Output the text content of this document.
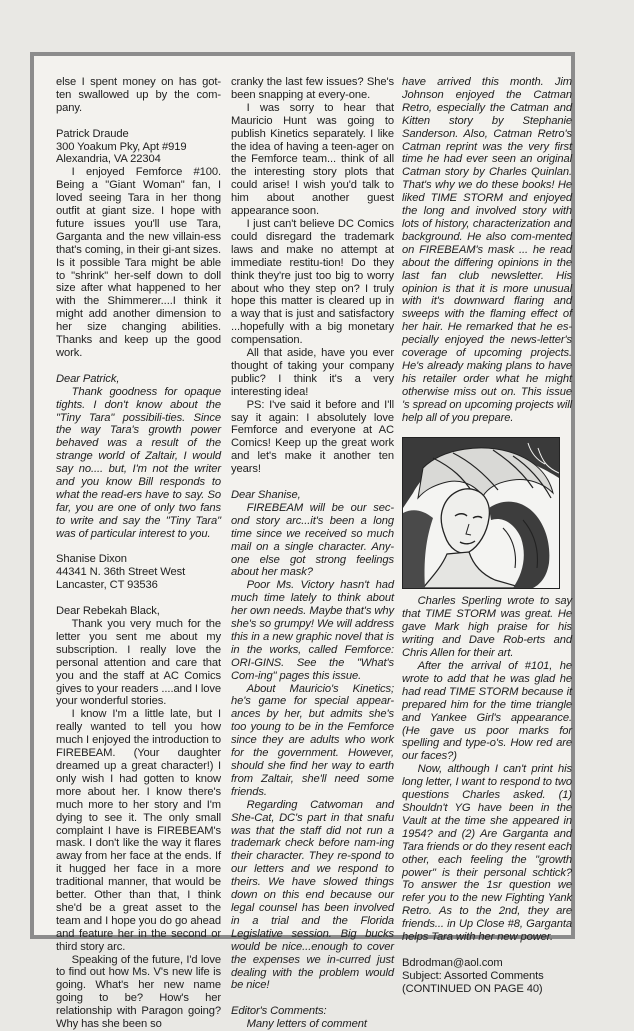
else I spent money on has got-ten swallowed up by the com-pany.

Patrick Draude

300 Yoakum Pky, Apt #919

Alexandria, VA 22304

I enjoyed Femforce #100. Being a "Giant Woman" fan, I loved seeing Tara in her thong outfit at giant size. I hope with future issues you'll use Tara, Garganta and the new villain-ess that's coming, in their gi-ant sizes. Is it possible Tara might be able to "shrink" her-self down to doll size after what happened to her with the Shimmerer....I think it might add another dimension to her size changing abilities. Thanks and keep up the good work.

Dear Patrick,

Thank goodness for opaque tights. I don't know about the "Tiny Tara" possibili-ties. Since the way Tara's growth power behaved was a result of the strange world of Zaltair, I would say no.... but, I'm not the writer and you know Bill responds to what the read-ers have to say. So far, you are one of only two fans to write and say the "Tiny Tara" was of particular interest to you.

Shanise Dixon

44341 N. 36th Street West

Lancaster, CT 93536

Dear Rebekah Black,

Thank you very much for the letter you sent me about my subscription. I really love the personal attention and care that you and the staff at AC Comics gives to your readers ....and I love your wonderful stories.

I know I'm a little late, but I really wanted to tell you how much I enjoyed the introduction to FIREBEAM. (Your daughter dreamed up a great character!) I only wish I had gotten to know more about her. I know there's much more to her story and I'm dying to see it. The only small complaint I have is FIREBEAM's mask. I don't like the way it flares away from her face at the ends. If it hugged her face in a more traditional manner, that would be better. Other than that, I think she'd be a great asset to the team and I hope you do go ahead and feature her in the second or third story arc.

Speaking of the future, I'd love to find out how Ms. V's new life is going. What's her new name going to be? How's her relationship with Paragon going? Why has she been so

cranky the last few issues? She's been snapping at every-one.

I was sorry to hear that Mauricio Hunt was going to publish Kinetics separately. I like the idea of having a teen-ager on the Femforce team... think of all the interesting story plots that could arise! I wish you'd talk to him about another guest appearance soon.

I just can't believe DC Comics could disregard the trademark laws and make no attempt at immediate restitu-tion! Do they think they're just too big to worry about who they step on? I truly hope this matter is cleared up in a way that is just and satisfactory ...hopefully with a big monetary compensation.

All that aside, have you ever thought of taking your company public? I think it's a very interesting idea!

PS: I've said it before and I'll say it again: I absolutely love Femforce and everyone at AC Comics! Keep up the great work and let's make it another ten years!

Dear Shanise,

FIREBEAM will be our sec-ond story arc...it's been a long time since we received so much mail on a single character. Any-one else got strong feelings about her mask?

Poor Ms. Victory hasn't had much time lately to think about her own needs. Maybe that's why she's so grumpy! We will address this in a new graphic novel that is in the works, called Femforce: ORI-GINS. See the "What's Com-ing" pages this issue.

About Mauricio's Kinetics; he's game for special appear-ances by her, but admits she's too young to be in the Femforce since they are adults who work for the government. However, should she find her way to earth from Zaltair, she'll need some friends.

Regarding Catwoman and She-Cat, DC's part in that snafu was that the staff did not run a trademark check before nam-ing their character. They re-spond to our letters and we respond to theirs. We have slowed things down on this end because our legal counsel has been involved in a trial and the Florida Legislative session. Big bucks would be nice...enough to cover the expenses we in-curred just dealing with the problem would be nice!

Editor's Comments:

Many letters of comment

have arrived this month. Jim Johnson enjoyed the Catman Retro, especially the Catman and Kitten story by Stephanie Sanderson. Also, Catman Retro's Catman reprint was the very first time he had ever seen an original Catman story by Charles Quinlan. That's why we do these books! He liked TIME STORM and enjoyed the long and involved story with lots of history, characterization and background. He also com-mented on FIREBEAM's mask ... he read about the differing opinions in the last fan club newsletter. His opinion is that it is more unusual with it's downward flaring and sweeps with the flaming effect of her hair. He remarked that he es-pecially enjoyed the news-letter's coverage of upcoming projects. He's already making plans to have his retailer order what he might otherwise miss out on. This issue 's spread on upcoming projects will help all of you prepare.

Charles Sperling wrote to say that TIME STORM was great. He gave Mark high praise for his writing and Dave Rob-erts and Chris Allen for their art.

After the arrival of #101, he wrote to add that he was glad he had read TIME STORM because it prepared him for the time triangle and Yankee Girl's appearance. (He gave us poor marks for spelling and type-o's. How red are our faces?)

Now, although I can't print his long letter, I want to respond to two questions Charles asked. (1) Shouldn't YG have been in the Vault at the time she appeared in 1954? and (2) Are Garganta and Tara friends or do they resent each other, each feeling the "growth power" is their personal schtick? To answer the 1sr question we refer you to the new Fighting Yank Retro. As to the 2nd, they are friends... in Up Close #8, Garganta helps Tara with her new power.

Bdrodman@aol.com

Subject: Assorted Comments

(CONTINUED ON PAGE 40)
